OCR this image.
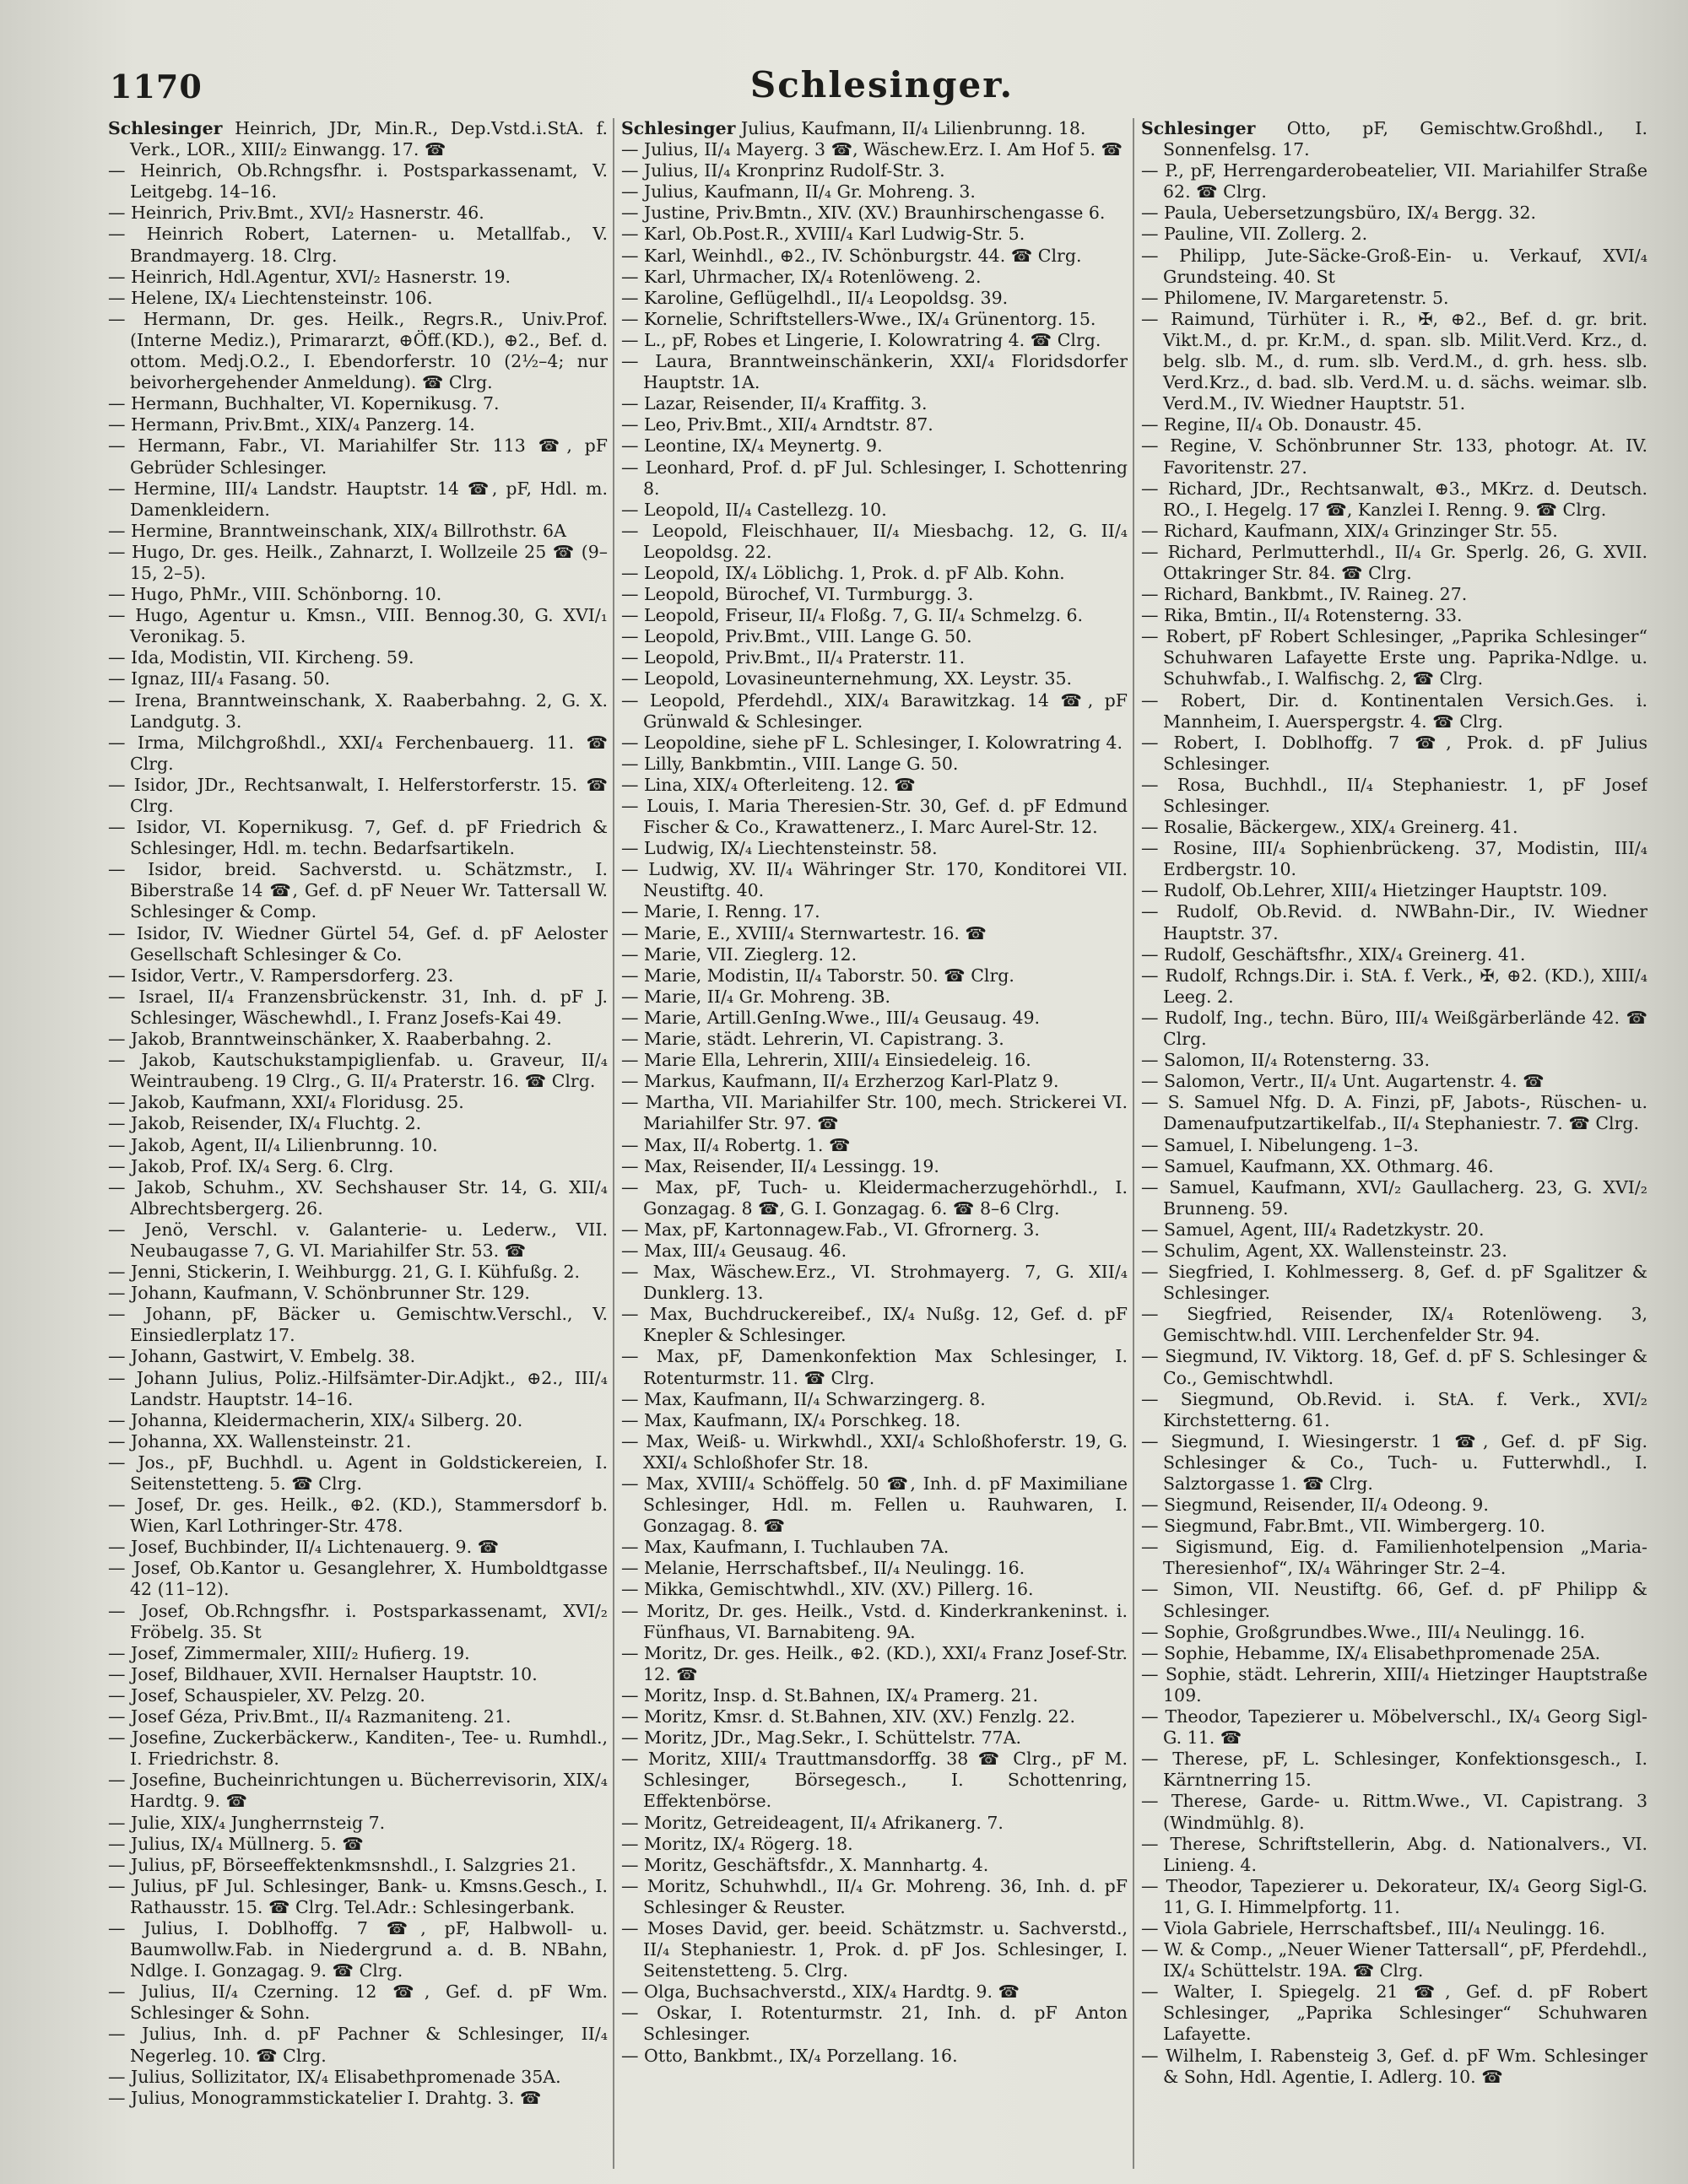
1170	Schlesinger.
Schlesinger Heinrich, JDr, Min.R., Dep.Vstd.i.StA. f. Verk., LOR., XIII/₂ Einwangg. 17. ☎
— Heinrich, Ob.Rchngsfhr. i. Postsparkassenamt, V. Leitgebg. 14–16.
— Heinrich, Priv.Bmt., XVI/₂ Hasnerstr. 46.
— Heinrich Robert, Laternen- u. Metallfab., V. Brandmayerg. 18. Clrg.
— Heinrich, Hdl.Agentur, XVI/₂ Hasnerstr. 19.
— Helene, IX/₄ Liechtensteinstr. 106.
— Hermann, Dr. ges. Heilk., Regrs.R., Univ.Prof. (Interne Mediz.), Primararzt, ⊕Öff.(KD.), ⊕2., Bef. d. ottom. Medj.O.2., I. Ebendorferstr. 10 (2½–4; nur beivorhergehender Anmeldung). ☎ Clrg.
— Hermann, Buchhalter, VI. Kopernikusg. 7.
— Hermann, Priv.Bmt., XIX/₄ Panzerg. 14.
— Hermann, Fabr., VI. Mariahilfer Str. 113 ☎, pF Gebrüder Schlesinger.
— Hermine, III/₄ Landstr. Hauptstr. 14 ☎, pF, Hdl. m. Damenkleidern.
— Hermine, Branntweinschank, XIX/₄ Billrothstr. 6A
— Hugo, Dr. ges. Heilk., Zahnarzt, I. Wollzeile 25 ☎ (9–15, 2–5).
— Hugo, PhMr., VIII. Schönborng. 10.
— Hugo, Agentur u. Kmsn., VIII. Bennog.30, G. XVI/₁ Veronikag. 5.
— Ida, Modistin, VII. Kircheng. 59.
— Ignaz, III/₄ Fasang. 50.
— Irena, Branntweinschank, X. Raaberbahng. 2, G. X. Landgutg. 3.
— Irma, Milchgroßhdl., XXI/₄ Ferchenbauerg. 11. ☎ Clrg.
— Isidor, JDr., Rechtsanwalt, I. Helferstorferstr. 15. ☎ Clrg.
— Isidor, VI. Kopernikusg. 7, Gef. d. pF Friedrich & Schlesinger, Hdl. m. techn. Bedarfsartikeln.
— Isidor, breid. Sachverstd. u. Schätzmstr., I. Biberstraße 14 ☎, Gef. d. pF Neuer Wr. Tattersall W. Schlesinger & Comp.
— Isidor, IV. Wiedner Gürtel 54, Gef. d. pF Aeloster Gesellschaft Schlesinger & Co.
— Isidor, Vertr., V. Rampersdorferg. 23.
— Israel, II/₄ Franzensbrückenstr. 31, Inh. d. pF J. Schlesinger, Wäschewhdl., I. Franz Josefs-Kai 49.
— Jakob, Branntweinschänker, X. Raaberbahng. 2.
— Jakob, Kautschukstampiglienfab. u. Graveur, II/₄ Weintraubeng. 19 Clrg., G. II/₄ Praterstr. 16. ☎ Clrg.
— Jakob, Kaufmann, XXI/₄ Floridusg. 25.
— Jakob, Reisender, IX/₄ Fluchtg. 2.
— Jakob, Agent, II/₄ Lilienbrunng. 10.
— Jakob, Prof. IX/₄ Serg. 6. Clrg.
— Jakob, Schuhm., XV. Sechshauser Str. 14, G. XII/₄ Albrechtsbergerg. 26.
— Jenö, Verschl. v. Galanterie- u. Lederw., VII. Neubaugasse 7, G. VI. Mariahilfer Str. 53. ☎
— Jenni, Stickerin, I. Weihburgg. 21, G. I. Kühfußg. 2.
— Johann, Kaufmann, V. Schönbrunner Str. 129.
— Johann, pF, Bäcker u. Gemischtw.Verschl., V. Einsiedlerplatz 17.
— Johann, Gastwirt, V. Embelg. 38.
— Johann Julius, Poliz.-Hilfsämter-Dir.Adjkt., ⊕2., III/₄ Landstr. Hauptstr. 14–16.
— Johanna, Kleidermacherin, XIX/₄ Silberg. 20.
— Johanna, XX. Wallensteinstr. 21.
— Jos., pF, Buchhdl. u. Agent in Goldstickereien, I. Seitenstetteng. 5. ☎ Clrg.
— Josef, Dr. ges. Heilk., ⊕2. (KD.), Stammersdorf b. Wien, Karl Lothringer-Str. 478.
— Josef, Buchbinder, II/₄ Lichtenauerg. 9. ☎
— Josef, Ob.Kantor u. Gesanglehrer, X. Humboldtgasse 42 (11–12).
— Josef, Ob.Rchngsfhr. i. Postsparkassenamt, XVI/₂ Fröbelg. 35. St
— Josef, Zimmermaler, XIII/₂ Hufierg. 19.
— Josef, Bildhauer, XVII. Hernalser Hauptstr. 10.
— Josef, Schauspieler, XV. Pelzg. 20.
— Josef Géza, Priv.Bmt., II/₄ Razmaniteng. 21.
— Josefine, Zuckerbäckerw., Kanditen-, Tee- u. Rumhdl., I. Friedrichstr. 8.
— Josefine, Bucheinrichtungen u. Bücherrevisorin, XIX/₄ Hardtg. 9. ☎
— Julie, XIX/₄ Jungherrnsteig 7.
— Julius, IX/₄ Müllnerg. 5. ☎
— Julius, pF, Börseeffektenkmsnshdl., I. Salzgries 21.
— Julius, pF Jul. Schlesinger, Bank- u. Kmsns.Gesch., I. Rathausstr. 15. ☎ Clrg. Tel.Adr.: Schlesingerbank.
— Julius, I. Doblhoffg. 7 ☎, pF, Halbwoll- u. Baumwollw.Fab. in Niedergrund a. d. B. NBahn, Ndlge. I. Gonzagag. 9. ☎ Clrg.
— Julius, II/₄ Czerning. 12 ☎, Gef. d. pF Wm. Schlesinger & Sohn.
— Julius, Inh. d. pF Pachner & Schlesinger, II/₄ Negerleg. 10. ☎ Clrg.
— Julius, Sollizitator, IX/₄ Elisabethpromenade 35A.
— Julius, Monogrammstickatelier I. Drahtg. 3. ☎
Schlesinger Julius, Kaufmann, II/₄ Lilienbrunng. 18.
— Julius, II/₄ Mayerg. 3 ☎, Wäschew.Erz. I. Am Hof 5. ☎
— Julius, II/₄ Kronprinz Rudolf-Str. 3.
— Julius, Kaufmann, II/₄ Gr. Mohreng. 3.
— Justine, Priv.Bmtn., XIV. (XV.) Braunhirschengasse 6.
— Karl, Ob.Post.R., XVIII/₄ Karl Ludwig-Str. 5.
— Karl, Weinhdl., ⊕2., IV. Schönburgstr. 44. ☎ Clrg.
— Karl, Uhrmacher, IX/₄ Rotenlöweng. 2.
— Karoline, Geflügelhdl., II/₄ Leopoldsg. 39.
— Kornelie, Schriftstellers-Wwe., IX/₄ Grünentorg. 15.
— L., pF, Robes et Lingerie, I. Kolowratring 4. ☎ Clrg.
— Laura, Branntweinschänkerin, XXI/₄ Floridsdorfer Hauptstr. 1A.
— Lazar, Reisender, II/₄ Kraffitg. 3.
— Leo, Priv.Bmt., XII/₄ Arndtstr. 87.
— Leontine, IX/₄ Meynertg. 9.
— Leonhard, Prof. d. pF Jul. Schlesinger, I. Schottenring 8.
— Leopold, II/₄ Castellezg. 10.
— Leopold, Fleischhauer, II/₄ Miesbachg. 12, G. II/₄ Leopoldsg. 22.
— Leopold, IX/₄ Löblichg. 1, Prok. d. pF Alb. Kohn.
— Leopold, Bürochef, VI. Turmburgg. 3.
— Leopold, Friseur, II/₄ Floßg. 7, G. II/₄ Schmelzg. 6.
— Leopold, Priv.Bmt., VIII. Lange G. 50.
— Leopold, Priv.Bmt., II/₄ Praterstr. 11.
— Leopold, Lovasineunternehmung, XX. Leystr. 35.
— Leopold, Pferdehdl., XIX/₄ Barawitzkag. 14 ☎, pF Grünwald & Schlesinger.
— Leopoldine, siehe pF L. Schlesinger, I. Kolowratring 4.
— Lilly, Bankbmtin., VIII. Lange G. 50.
— Lina, XIX/₄ Ofterleiteng. 12. ☎
— Louis, I. Maria Theresien-Str. 30, Gef. d. pF Edmund Fischer & Co., Krawattenerz., I. Marc Aurel-Str. 12.
— Ludwig, IX/₄ Liechtensteinstr. 58.
— Ludwig, XV. II/₄ Währinger Str. 170, Konditorei VII. Neustiftg. 40.
— Marie, I. Renng. 17.
— Marie, E., XVIII/₄ Sternwartestr. 16. ☎
— Marie, VII. Zieglerg. 12.
— Marie, Modistin, II/₄ Taborstr. 50. ☎ Clrg.
— Marie, II/₄ Gr. Mohreng. 3B.
— Marie, Artill.GenIng.Wwe., III/₄ Geusaug. 49.
— Marie, städt. Lehrerin, VI. Capistrang. 3.
— Marie Ella, Lehrerin, XIII/₄ Einsiedeleig. 16.
— Markus, Kaufmann, II/₄ Erzherzog Karl-Platz 9.
— Martha, VII. Mariahilfer Str. 100, mech. Strickerei VI. Mariahilfer Str. 97. ☎
— Max, II/₄ Robertg. 1. ☎
— Max, Reisender, II/₄ Lessingg. 19.
— Max, pF, Tuch- u. Kleidermacherzugehörhdl., I. Gonzagag. 8 ☎, G. I. Gonzagag. 6. ☎ 8–6 Clrg.
— Max, pF, Kartonnagew.Fab., VI. Gfrornerg. 3.
— Max, III/₄ Geusaug. 46.
— Max, Wäschew.Erz., VI. Strohmayerg. 7, G. XII/₄ Dunklerg. 13.
— Max, Buchdruckereibef., IX/₄ Nußg. 12, Gef. d. pF Knepler & Schlesinger.
— Max, pF, Damenkonfektion Max Schlesinger, I. Rotenturmstr. 11. ☎ Clrg.
— Max, Kaufmann, II/₄ Schwarzingerg. 8.
— Max, Kaufmann, IX/₄ Porschkeg. 18.
— Max, Weiß- u. Wirkwhdl., XXI/₄ Schloßhoferstr. 19, G. XXI/₄ Schloßhofer Str. 18.
— Max, XVIII/₄ Schöffelg. 50 ☎, Inh. d. pF Maximiliane Schlesinger, Hdl. m. Fellen u. Rauhwaren, I. Gonzagag. 8. ☎
— Max, Kaufmann, I. Tuchlauben 7A.
— Melanie, Herrschaftsbef., II/₄ Neulingg. 16.
— Mikka, Gemischtwhdl., XIV. (XV.) Pillerg. 16.
— Moritz, Dr. ges. Heilk., Vstd. d. Kinderkrankeninst. i. Fünfhaus, VI. Barnabiteng. 9A.
— Moritz, Dr. ges. Heilk., ⊕2. (KD.), XXI/₄ Franz Josef-Str. 12. ☎
— Moritz, Insp. d. St.Bahnen, IX/₄ Pramerg. 21.
— Moritz, Kmsr. d. St.Bahnen, XIV. (XV.) Fenzlg. 22.
— Moritz, JDr., Mag.Sekr., I. Schüttelstr. 77A.
— Moritz, XIII/₄ Trauttmansdorffg. 38 ☎ Clrg., pF M. Schlesinger, Börsegesch., I. Schottenring, Effektenbörse.
— Moritz, Getreideagent, II/₄ Afrikanerg. 7.
— Moritz, IX/₄ Rögerg. 18.
— Moritz, Geschäftsfdr., X. Mannhartg. 4.
— Moritz, Schuhwhdl., II/₄ Gr. Mohreng. 36, Inh. d. pF Schlesinger & Reuster.
— Moses David, ger. beeid. Schätzmstr. u. Sachverstd., II/₄ Stephaniestr. 1, Prok. d. pF Jos. Schlesinger, I. Seitenstetteng. 5. Clrg.
— Olga, Buchsachverstd., XIX/₄ Hardtg. 9. ☎
— Oskar, I. Rotenturmstr. 21, Inh. d. pF Anton Schlesinger.
— Otto, Bankbmt., IX/₄ Porzellang. 16.
Schlesinger Otto, pF, Gemischtw.Großhdl., I. Sonnenfelsg. 17.
— P., pF, Herrengarderobeatelier, VII. Mariahilfer Straße 62. ☎ Clrg.
— Paula, Uebersetzungsbüro, IX/₄ Bergg. 32.
— Pauline, VII. Zollerg. 2.
— Philipp, Jute-Säcke-Groß-Ein- u. Verkauf, XVI/₄ Grundsteing. 40. St
— Philomene, IV. Margaretenstr. 5.
— Raimund, Türhüter i. R., ✠, ⊕2., Bef. d. gr. brit. Vikt.M., d. pr. Kr.M., d. span. slb. Milit.Verd. Krz., d. belg. slb. M., d. rum. slb. Verd.M., d. grh. hess. slb. Verd.Krz., d. bad. slb. Verd.M. u. d. sächs. weimar. slb. Verd.M., IV. Wiedner Hauptstr. 51.
— Regine, II/₄ Ob. Donaustr. 45.
— Regine, V. Schönbrunner Str. 133, photogr. At. IV. Favoritenstr. 27.
— Richard, JDr., Rechtsanwalt, ⊕3., MKrz. d. Deutsch. RO., I. Hegelg. 17 ☎, Kanzlei I. Renng. 9. ☎ Clrg.
— Richard, Kaufmann, XIX/₄ Grinzinger Str. 55.
— Richard, Perlmutterhdl., II/₄ Gr. Sperlg. 26, G. XVII. Ottakringer Str. 84. ☎ Clrg.
— Richard, Bankbmt., IV. Raineg. 27.
— Rika, Bmtin., II/₄ Rotensterng. 33.
— Robert, pF Robert Schlesinger, „Paprika Schlesinger“ Schuhwaren Lafayette Erste ung. Paprika-Ndlge. u. Schuhwfab., I. Walfischg. 2, ☎ Clrg.
— Robert, Dir. d. Kontinentalen Versich.Ges. i. Mannheim, I. Auerspergstr. 4. ☎ Clrg.
— Robert, I. Doblhoffg. 7 ☎, Prok. d. pF Julius Schlesinger.
— Rosa, Buchhdl., II/₄ Stephaniestr. 1, pF Josef Schlesinger.
— Rosalie, Bäckergew., XIX/₄ Greinerg. 41.
— Rosine, III/₄ Sophienbrückeng. 37, Modistin, III/₄ Erdbergstr. 10.
— Rudolf, Ob.Lehrer, XIII/₄ Hietzinger Hauptstr. 109.
— Rudolf, Ob.Revid. d. NWBahn-Dir., IV. Wiedner Hauptstr. 37.
— Rudolf, Geschäftsfhr., XIX/₄ Greinerg. 41.
— Rudolf, Rchngs.Dir. i. StA. f. Verk., ✠, ⊕2. (KD.), XIII/₄ Leeg. 2.
— Rudolf, Ing., techn. Büro, III/₄ Weißgärberlände 42. ☎ Clrg.
— Salomon, II/₄ Rotensterng. 33.
— Salomon, Vertr., II/₄ Unt. Augartenstr. 4. ☎
— S. Samuel Nfg. D. A. Finzi, pF, Jabots-, Rüschen- u. Damenaufputzartikelfab., II/₄ Stephaniestr. 7. ☎ Clrg.
— Samuel, I. Nibelungeng. 1–3.
— Samuel, Kaufmann, XX. Othmarg. 46.
— Samuel, Kaufmann, XVI/₂ Gaullacherg. 23, G. XVI/₂ Brunneng. 59.
— Samuel, Agent, III/₄ Radetzkystr. 20.
— Schulim, Agent, XX. Wallensteinstr. 23.
— Siegfried, I. Kohlmesserg. 8, Gef. d. pF Sgalitzer & Schlesinger.
— Siegfried, Reisender, IX/₄ Rotenlöweng. 3, Gemischtw.hdl. VIII. Lerchenfelder Str. 94.
— Siegmund, IV. Viktorg. 18, Gef. d. pF S. Schlesinger & Co., Gemischtwhdl.
— Siegmund, Ob.Revid. i. StA. f. Verk., XVI/₂ Kirchstetterng. 61.
— Siegmund, I. Wiesingerstr. 1 ☎, Gef. d. pF Sig. Schlesinger & Co., Tuch- u. Futterwhdl., I. Salztorgasse 1. ☎ Clrg.
— Siegmund, Reisender, II/₄ Odeong. 9.
— Siegmund, Fabr.Bmt., VII. Wimbergerg. 10.
— Sigismund, Eig. d. Familienhotelpension „Maria-Theresienhof“, IX/₄ Währinger Str. 2–4.
— Simon, VII. Neustiftg. 66, Gef. d. pF Philipp & Schlesinger.
— Sophie, Großgrundbes.Wwe., III/₄ Neulingg. 16.
— Sophie, Hebamme, IX/₄ Elisabethpromenade 25A.
— Sophie, städt. Lehrerin, XIII/₄ Hietzinger Hauptstraße 109.
— Theodor, Tapezierer u. Möbelverschl., IX/₄ Georg Sigl-G. 11. ☎
— Therese, pF, L. Schlesinger, Konfektionsgesch., I. Kärntnerring 15.
— Therese, Garde- u. Rittm.Wwe., VI. Capistrang. 3 (Windmühlg. 8).
— Therese, Schriftstellerin, Abg. d. Nationalvers., VI. Linieng. 4.
— Theodor, Tapezierer u. Dekorateur, IX/₄ Georg Sigl-G. 11, G. I. Himmelpfortg. 11.
— Viola Gabriele, Herrschaftsbef., III/₄ Neulingg. 16.
— W. & Comp., „Neuer Wiener Tattersall“, pF, Pferdehdl., IX/₄ Schüttelstr. 19A. ☎ Clrg.
— Walter, I. Spiegelg. 21 ☎, Gef. d. pF Robert Schlesinger, „Paprika Schlesinger“ Schuhwaren Lafayette.
— Wilhelm, I. Rabensteig 3, Gef. d. pF Wm. Schlesinger & Sohn, Hdl. Agentie, I. Adlerg. 10. ☎
